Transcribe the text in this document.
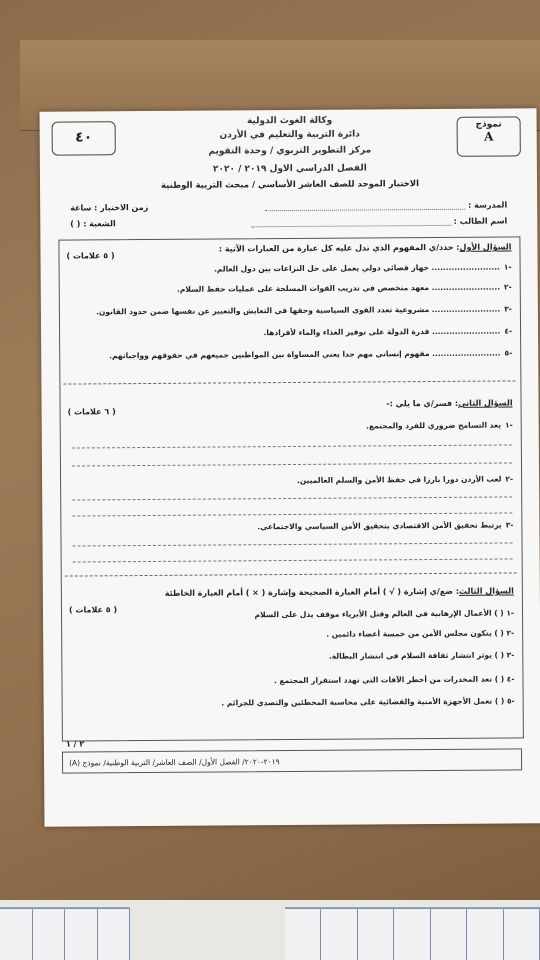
نموذج
A
٤٠
وكالة الغوث الدولية
دائرة التربية والتعليم في الأردن
مركز التطوير التربوي / وحدة التقويم
الفصل الدراسي الاول ٢٠١٩ / ٢٠٢٠
الاختبار الموحد للصف العاشر الأساسي / مبحث التربية الوطنية
المدرسة :
زمن الاختبار : ساعة
اسم الطالب :
الشعبة : ( )
السؤال الأول: حدد/ي المفهوم الذي تدل عليه كل عبارة من العبارات الآتية :
( ٥ علامات )
-١........................ جهاز قضائي دولي يعمل على حل النزاعات بين دول العالم.
-٢........................ معهد متخصص في تدريب القوات المسلحة على عمليات حفظ السلام.
-٣........................ مشروعية تعدد القوى السياسية وحقها في التعايش والتعبير عن نفسها ضمن حدود القانون.
-٤........................ قدرة الدولة على توفير الغذاء والماء لأفرادها.
-٥........................ مفهوم إنساني مهم جدا يعني المساواة بين المواطنين جميعهم في حقوقهم وواجباتهم.
السؤال الثاني: فسر/ي ما يلي :-
( ٦ علامات )
-١يعد التسامح ضروري للفرد والمجتمع.
-٢لعب الأردن دورا بارزا في حفظ الأمن والسلم العالميين.
-٣يرتبط تحقيق الأمن الاقتصادي بتحقيق الأمن السياسي والاجتماعي.
السؤال الثالث: ضع/ي إشارة ( √ ) أمام العبارة الصحيحة وإشارة ( × ) أمام العبارة الخاطئة
( ٥ علامات )	-١ ( ) الأعمال الإرهابية في العالم وقتل الأبرياء موقف يدل على السلام
-٢ ( ) يتكون مجلس الأمن من خمسة أعضاء دائمين .
-٣ ( ) يوثر انتشار ثقافة السلام في انتشار البطالة.
-٤ ( ) تعد المخدرات من أخطر الآفات التي تهدد استقرار المجتمع .
-٥ ( ) تعمل الأجهزة الأمنية والقضائية على محاسبة المخطئين والتصدي للجرائم .
٢ / ١
٢٠١٩-٢٠٢٠/ الفصل الأول/ الصف العاشر/ التربية الوطنية/ نموذج (A)
